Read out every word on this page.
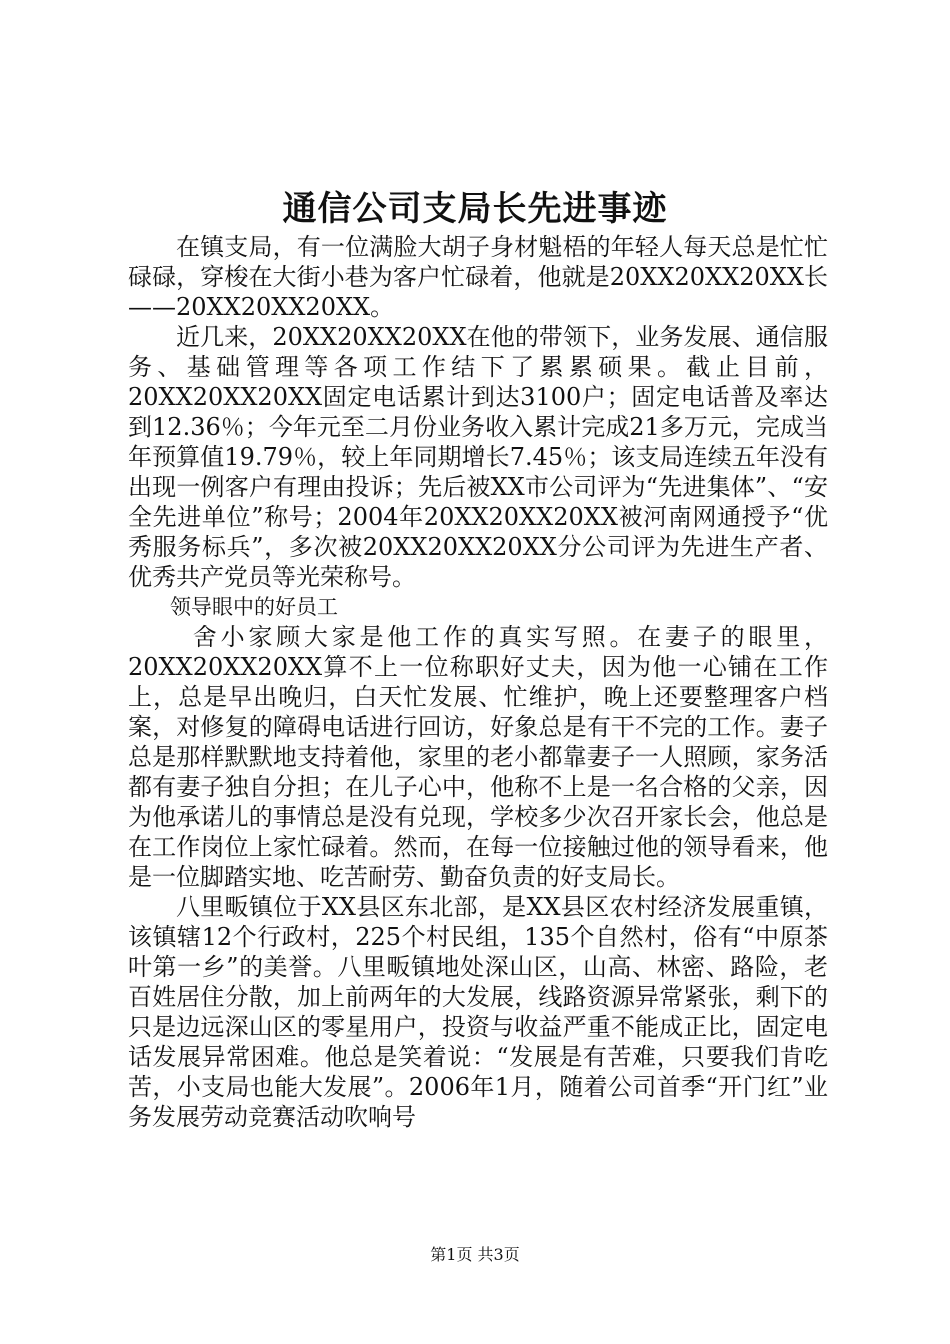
通信公司支局长先进事迹

在镇支局，有一位满脸大胡子身材魁梧的年轻人每天总是忙忙碌碌，穿梭在大街小巷为客户忙碌着，他就是20XX20XX20XX长——20XX20XX20XX。

近几来，20XX20XX20XX在他的带领下，业务发展、通信服务、基础管理等各项工作结下了累累硕果。截止目前，20XX20XX20XX固定电话累计到达3100户；固定电话普及率达到12.36％；今年元至二月份业务收入累计完成21多万元，完成当年预算值19.79％，较上年同期增长7.45％；该支局连续五年没有出现一例客户有理由投诉；先后被XX市公司评为“先进集体”、“安全先进单位”称号；2004年20XX20XX20XX被河南网通授予“优秀服务标兵”，多次被20XX20XX20XX分公司评为先进生产者、优秀共产党员等光荣称号。

领导眼中的好员工

舍小家顾大家是他工作的真实写照。在妻子的眼里，20XX20XX20XX算不上一位称职好丈夫，因为他一心铺在工作上，总是早出晚归，白天忙发展、忙维护，晚上还要整理客户档案，对修复的障碍电话进行回访，好象总是有干不完的工作。妻子总是那样默默地支持着他，家里的老小都靠妻子一人照顾，家务活都有妻子独自分担；在儿子心中，他称不上是一名合格的父亲，因为他承诺儿的事情总是没有兑现，学校多少次召开家长会，他总是在工作岗位上家忙碌着。然而，在每一位接触过他的领导看来，他是一位脚踏实地、吃苦耐劳、勤奋负责的好支局长。

八里畈镇位于XX县区东北部，是XX县区农村经济发展重镇，该镇辖12个行政村，225个村民组，135个自然村，俗有“中原茶叶第一乡”的美誉。八里畈镇地处深山区，山高、林密、路险，老百姓居住分散，加上前两年的大发展，线路资源异常紧张，剩下的只是边远深山区的零星用户，投资与收益严重不能成正比，固定电话发展异常困难。他总是笑着说：“发展是有苦难，只要我们肯吃苦，小支局也能大发展”。2006年1月，随着公司首季“开门红”业务发展劳动竞赛活动吹响号

第1页 共3页
